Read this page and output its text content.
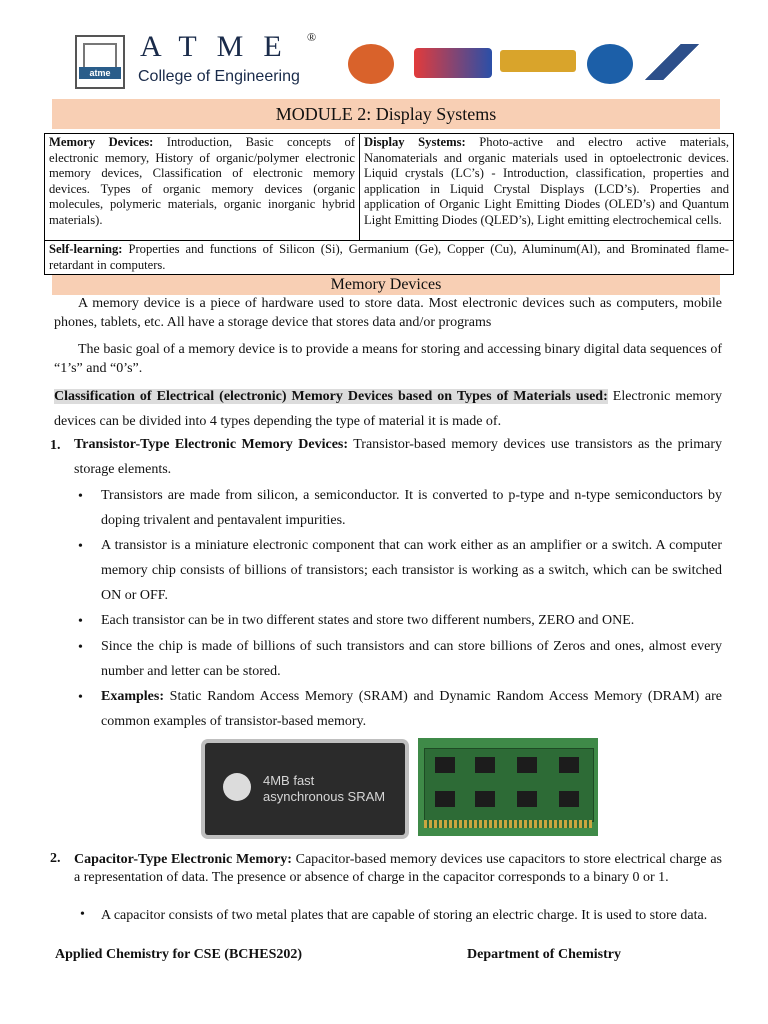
atme
ATME ®
College of Engineering
MODULE 2: Display Systems
Memory Devices: Introduction, Basic concepts of electronic memory, History of organic/polymer electronic memory devices, Classification of electronic memory devices. Types of organic memory devices (organic molecules, polymeric materials, organic inorganic hybrid materials).	Display Systems: Photo-active and electro active materials, Nanomaterials and organic materials used in optoelectronic devices. Liquid crystals (LC’s) - Introduction, classification, properties and application in Liquid Crystal Displays (LCD’s). Properties and application of Organic Light Emitting Diodes (OLED’s) and Quantum Light Emitting Diodes (QLED’s), Light emitting electrochemical cells.
Self-learning: Properties and functions of Silicon (Si), Germanium (Ge), Copper (Cu), Aluminum(Al), and Brominated flame-retardant in computers.
Memory Devices

A memory device is a piece of hardware used to store data. Most electronic devices such as computers, mobile phones, tablets, etc. All have a storage device that stores data and/or programs

The basic goal of a memory device is to provide a means for storing and accessing binary digital data sequences of “1’s” and “0’s”.

Classification of Electrical (electronic) Memory Devices based on Types of Materials used: Electronic memory devices can be divided into 4 types depending the type of material it is made of.

1. Transistor-Type Electronic Memory Devices: Transistor-based memory devices use transistors as the primary storage elements.
• Transistors are made from silicon, a semiconductor. It is converted to p-type and n-type semiconductors by doping trivalent and pentavalent impurities.
• A transistor is a miniature electronic component that can work either as an amplifier or a switch. A computer memory chip consists of billions of transistors; each transistor is working as a switch, which can be switched ON or OFF.
• Each transistor can be in two different states and store two different numbers, ZERO and ONE.
• Since the chip is made of billions of such transistors and can store billions of Zeros and ones, almost every number and letter can be stored.
• Examples: Static Random Access Memory (SRAM) and Dynamic Random Access Memory (DRAM) are common examples of transistor-based memory.
4MB fast
asynchronous SRAM
2. Capacitor-Type Electronic Memory: Capacitor-based memory devices use capacitors to store electrical charge as a representation of data. The presence or absence of charge in the capacitor corresponds to a binary 0 or 1.

• A capacitor consists of two metal plates that are capable of storing an electric charge. It is used to store data.

Applied Chemistry for CSE (BCHES202)	Department of Chemistry
